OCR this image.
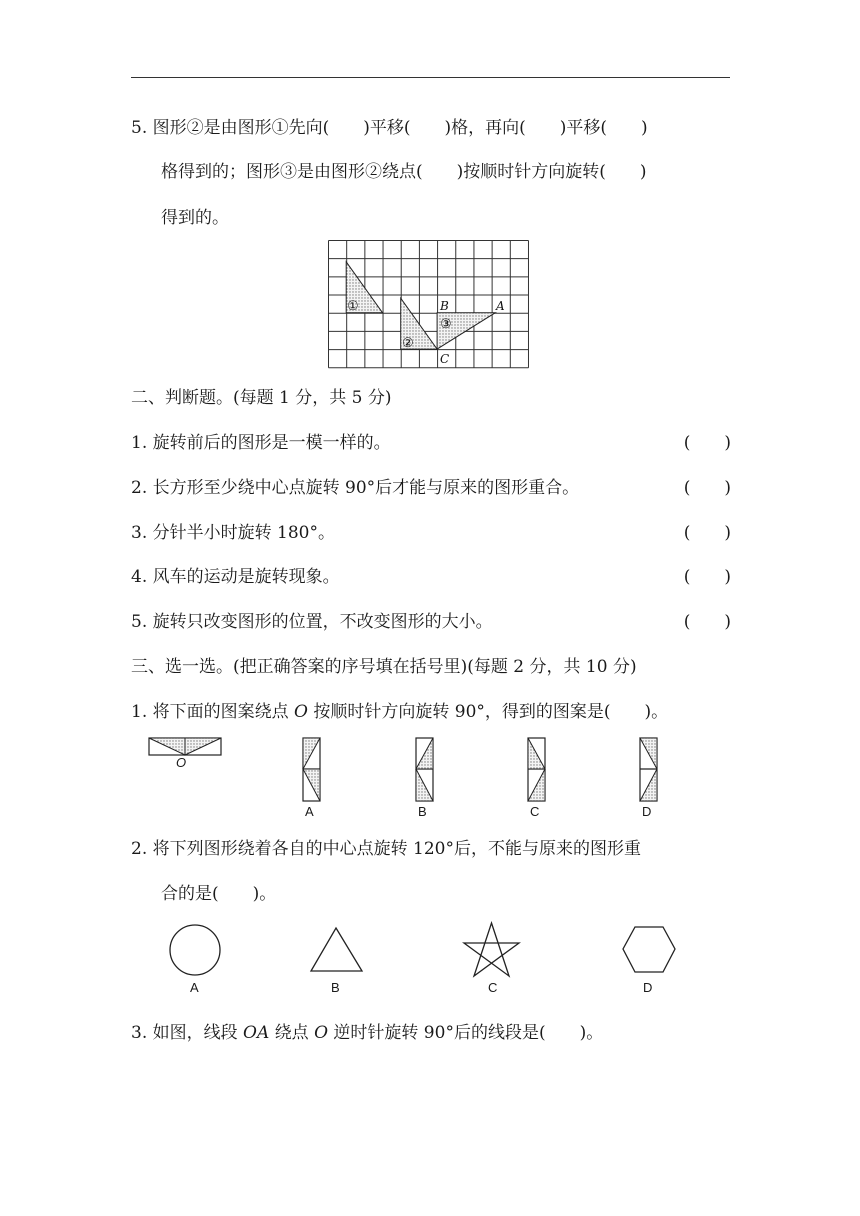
5. 图形②是由图形①先向(　　)平移(　　)格，再向(　　)平移(　　)
格得到的；图形③是由图形②绕点(　　)按顺时针方向旋转(　　)
得到的。
①
②
③
A
B
C
二、判断题。(每题 1 分，共 5 分)
1. 旋转前后的图形是一模一样的。	(　　)
2. 长方形至少绕中心点旋转 90°后才能与原来的图形重合。	(　　)
3. 分针半小时旋转 180°。	(　　)
4. 风车的运动是旋转现象。	(　　)
5. 旋转只改变图形的位置，不改变图形的大小。	(　　)
三、选一选。(把正确答案的序号填在括号里)(每题 2 分，共 10 分)
1. 将下面的图案绕点 O 按顺时针方向旋转 90°，得到的图案是(　　)。
O
A	B	C	D
2. 将下列图形绕着各自的中心点旋转 120°后，不能与原来的图形重
合的是(　　)。
A	B	C	D
3. 如图，线段 OA 绕点 O 逆时针旋转 90°后的线段是(　　)。
